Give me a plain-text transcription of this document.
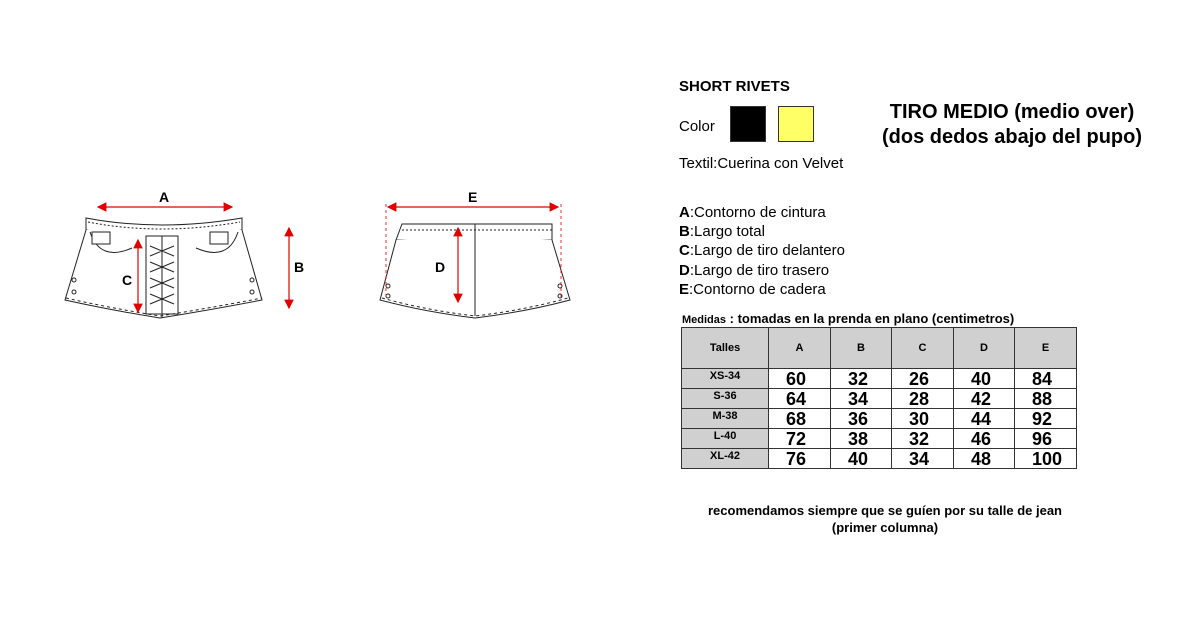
A
B
C
D
E
SHORT RIVETS
Color
Textil:Cuerina con Velvet
TIRO MEDIO (medio over)
(dos dedos abajo del pupo)
A:Contorno de cintura
B:Largo total
C:Largo de tiro delantero
D:Largo de tiro trasero
E:Contorno de cadera
Medidas : tomadas en la prenda en plano (centimetros)
Talles	A	B	C	D	E
XS-34	60	32	26	40	84
S-36	64	34	28	42	88
M-38	68	36	30	44	92
L-40	72	38	32	46	96
XL-42	76	40	34	48	100
recomendamos siempre que se guíen por su talle de jean
(primer columna)
